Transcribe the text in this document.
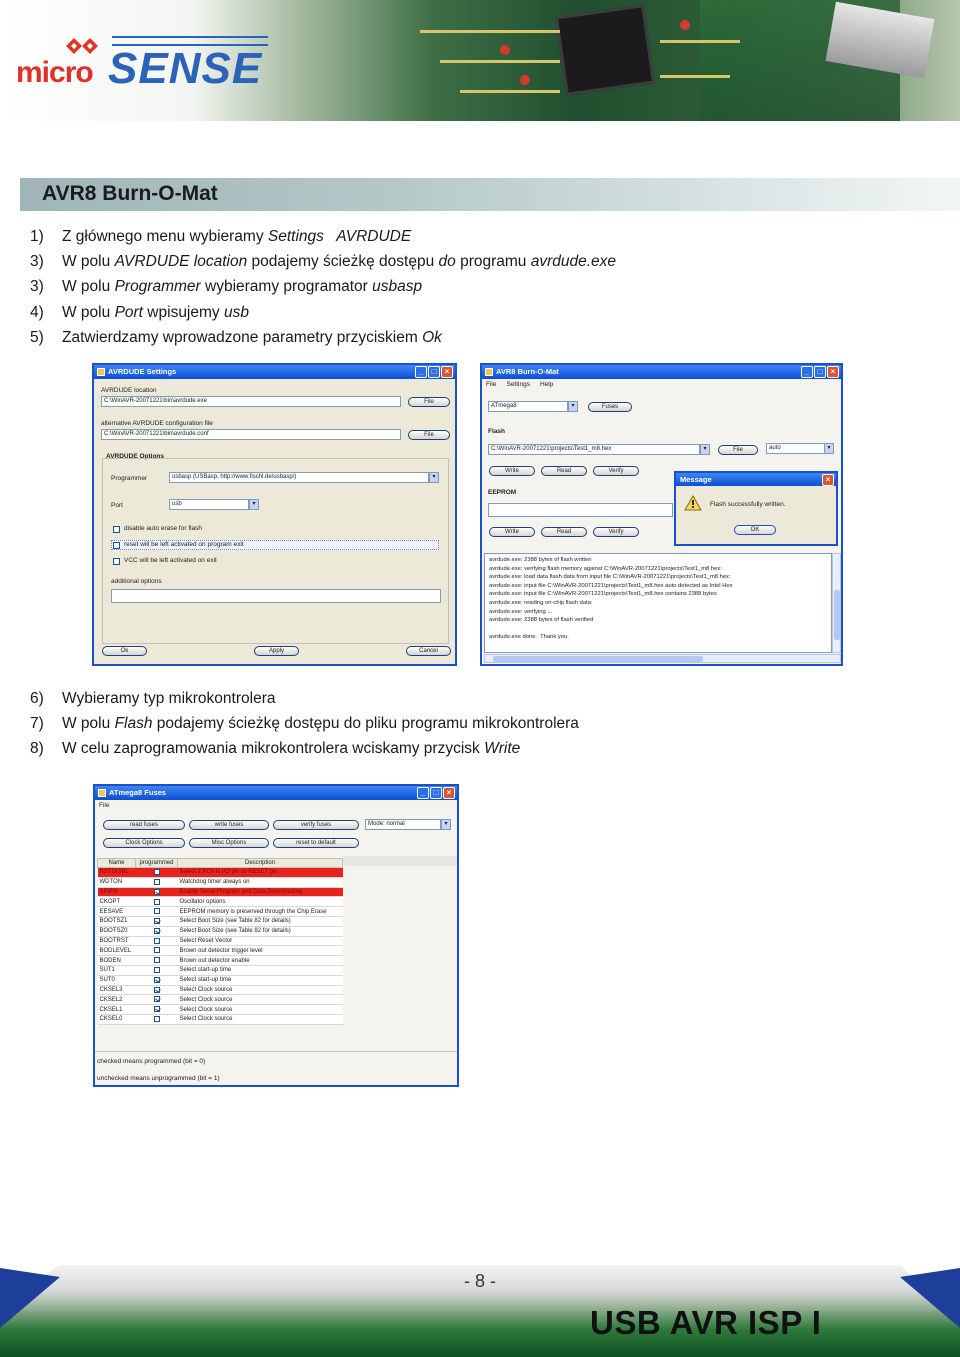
micro SENSE
AVR8 Burn-O-Mat
1) Z głównego menu wybieramy Settings   AVRDUDE
3) W polu AVRDUDE location podajemy ścieżkę dostępu do programu avrdude.exe
3) W polu Programmer wybieramy programator usbasp
4) W polu Port wpisujemy usb
5) Zatwierdzamy wprowadzone parametry przyciskiem Ok
AVRDUDE Settings	_	□	×
AVRDUDE location
C:\WinAVR-20071221\bin\avrdude.exe	File
alternative AVRDUDE configuration file
C:\WinAVR-20071221\bin\avrdude.conf	File
AVRDUDE Options
Programmer	usbasp (USBasp, http://www.fischl.de/usbasp/)	▾
Port	usb	▾
disable auto erase for flash
reset will be left activated on program exit
VCC will be left activated on exit
additional options
Ok	Apply	Cancel
AVR8 Burn-O-Mat	_	□	×
File Settings Help
ATmega8	▾	Fuses
Flash
C:\WinAVR-20071221\projects\Test1_m8.hex	▾	File	auto	▾
Write	Read	Verify
EEPROM
Write	Read	Verify
avrdude.exe: 2388 bytes of flash written
avrdude.exe: verifying flash memory against C:\WinAVR-20071221\projects\Test1_m8.hex:
avrdude.exe: load data flash data from input file C:\WinAVR-20071221\projects\Test1_m8.hex:
avrdude.exe: input file C:\WinAVR-20071221\projects\Test1_m8.hex auto detected as Intel Hex
avrdude.exe: input file C:\WinAVR-20071221\projects\Test1_m8.hex contains 2388 bytes
avrdude.exe: reading on-chip flash data:
avrdude.exe: verifying ...
avrdude.exe: 2388 bytes of flash verified
avrdude.exe done.  Thank you.
Message	×
Flash successfully written.
OK
6) Wybieramy typ mikrokontrolera
7) W polu Flash podajemy ścieżkę dostępu do pliku programu mikrokontrolera
8) W celu zaprogramowania mikrokontrolera wciskamy przycisk Write
ATmega8 Fuses	_	□	×
File
read fuses	write fuses	verify fuses	Mode: normal	▾
Clock Options	Misc Options	reset to default
Name	programmed	Description
RSTDISBL		Select if PC6 is I/O pin or RESET pin
WDTON		Watchdog timer always on
SPIEN		Enable Serial Program and Data Downloading
CKOPT		Oscillator options
EESAVE		EEPROM memory is preserved through the Chip Erase
BOOTSZ1		Select Boot Size (see Table 82 for details)
BOOTSZ0		Select Boot Size (see Table 82 for details)
BOOTRST		Select Reset Vector
BODLEVEL		Brown out detector trigger level
BODEN		Brown out detector enable
SUT1		Select start-up time
SUT0		Select start-up time
CKSEL3		Select Clock source
CKSEL2		Select Clock source
CKSEL1		Select Clock source
CKSEL0		Select Clock source
checked means programmed (bit = 0)
unchecked means unprogrammed (bit = 1)
- 8 -
USB AVR ISP I
